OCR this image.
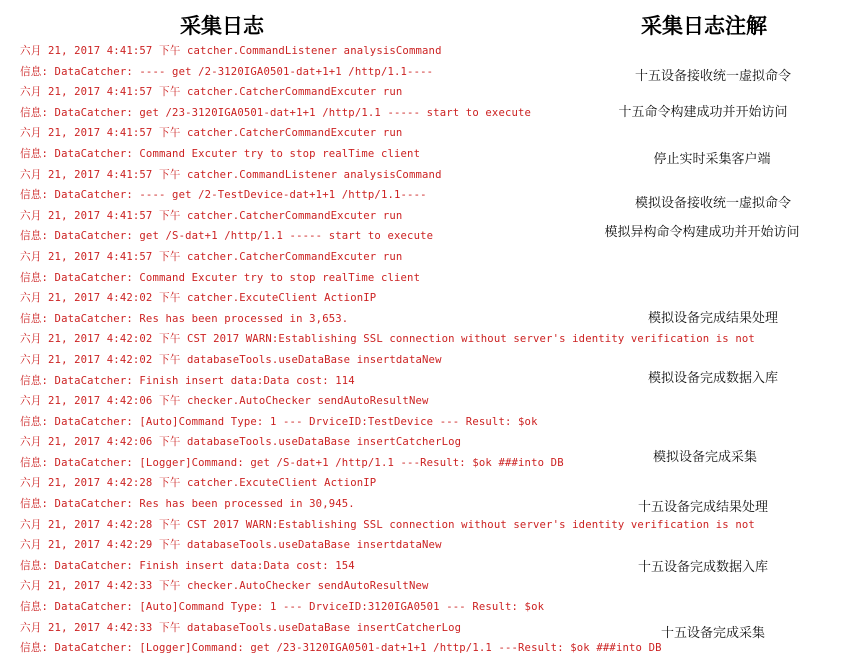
采集日志	采集日志注解
六月 21, 2017 4:41:57 下午 catcher.CommandListener analysisCommand
信息: DataCatcher: ---- get /2-3120IGA0501-dat+1+1 /http/1.1----
六月 21, 2017 4:41:57 下午 catcher.CatcherCommandExcuter run
信息: DataCatcher: get /23-3120IGA0501-dat+1+1 /http/1.1 ----- start to execute
六月 21, 2017 4:41:57 下午 catcher.CatcherCommandExcuter run
信息: DataCatcher: Command Excuter try to stop realTime client
六月 21, 2017 4:41:57 下午 catcher.CommandListener analysisCommand
信息: DataCatcher: ---- get /2-TestDevice-dat+1+1 /http/1.1----
六月 21, 2017 4:41:57 下午 catcher.CatcherCommandExcuter run
信息: DataCatcher: get /S-dat+1 /http/1.1 ----- start to execute
六月 21, 2017 4:41:57 下午 catcher.CatcherCommandExcuter run
信息: DataCatcher: Command Excuter try to stop realTime client
六月 21, 2017 4:42:02 下午 catcher.ExcuteClient ActionIP
信息: DataCatcher: Res has been processed in 3,653.
六月 21, 2017 4:42:02 下午 CST 2017 WARN:Establishing SSL connection without server's identity verification is not
六月 21, 2017 4:42:02 下午 databaseTools.useDataBase insertdataNew
信息: DataCatcher: Finish insert data:Data cost: 114
六月 21, 2017 4:42:06 下午 checker.AutoChecker sendAutoResultNew
信息: DataCatcher: [Auto]Command Type: 1 --- DrviceID:TestDevice --- Result: $ok
六月 21, 2017 4:42:06 下午 databaseTools.useDataBase insertCatcherLog
信息: DataCatcher: [Logger]Command: get /S-dat+1 /http/1.1 ---Result: $ok ###into DB
六月 21, 2017 4:42:28 下午 catcher.ExcuteClient ActionIP
信息: DataCatcher: Res has been processed in 30,945.
六月 21, 2017 4:42:28 下午 CST 2017 WARN:Establishing SSL connection without server's identity verification is not
六月 21, 2017 4:42:29 下午 databaseTools.useDataBase insertdataNew
信息: DataCatcher: Finish insert data:Data cost: 154
六月 21, 2017 4:42:33 下午 checker.AutoChecker sendAutoResultNew
信息: DataCatcher: [Auto]Command Type: 1 --- DrviceID:3120IGA0501 --- Result: $ok
六月 21, 2017 4:42:33 下午 databaseTools.useDataBase insertCatcherLog
信息: DataCatcher: [Logger]Command: get /23-3120IGA0501-dat+1+1 /http/1.1 ---Result: $ok ###into DB
十五设备接收统一虚拟命令
十五命令构建成功并开始访问
停止实时采集客户端
模拟设备接收统一虚拟命令
模拟异构命令构建成功并开始访问
模拟设备完成结果处理
模拟设备完成数据入库
模拟设备完成采集
十五设备完成结果处理
十五设备完成数据入库
十五设备完成采集
